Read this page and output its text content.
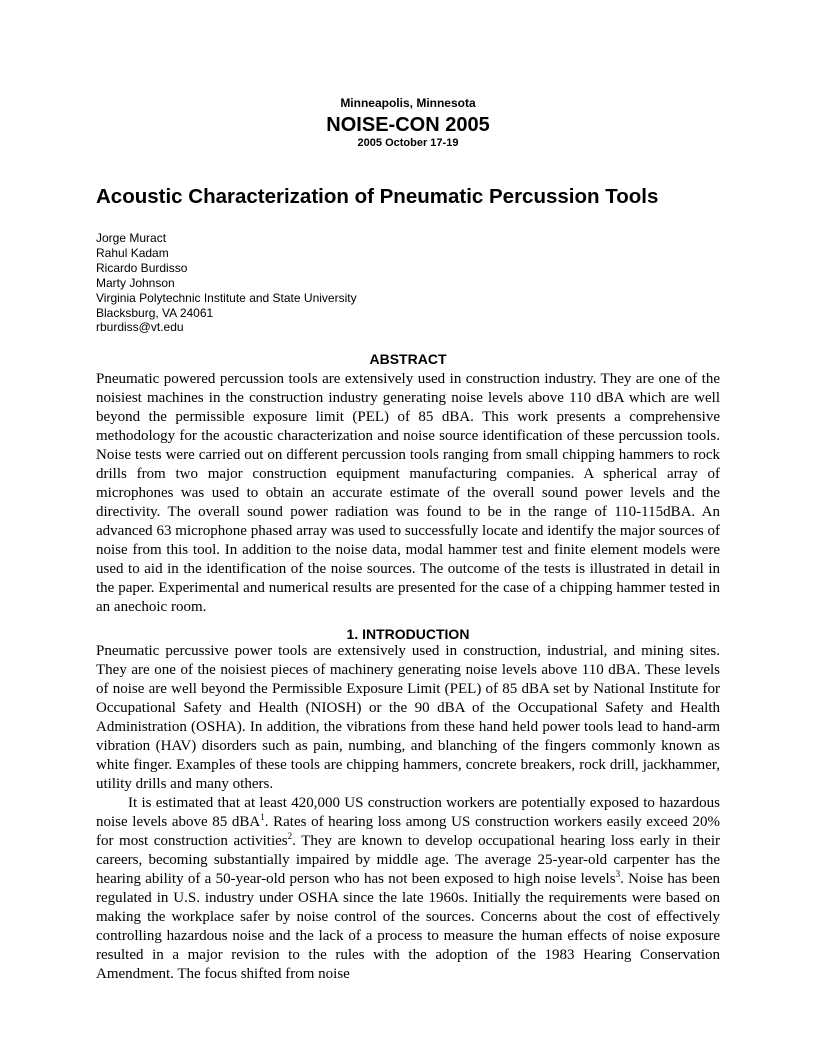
Minneapolis, Minnesota
NOISE-CON 2005
2005 October 17-19
Acoustic Characterization of Pneumatic Percussion Tools
Jorge Muract
Rahul Kadam
Ricardo Burdisso
Marty Johnson
Virginia Polytechnic Institute and State University
Blacksburg, VA 24061
rburdiss@vt.edu
ABSTRACT

Pneumatic powered percussion tools are extensively used in construction industry. They are one of the noisiest machines in the construction industry generating noise levels above 110 dBA which are well beyond the permissible exposure limit (PEL) of 85 dBA. This work presents a comprehensive methodology for the acoustic characterization and noise source identification of these percussion tools. Noise tests were carried out on different percussion tools ranging from small chipping hammers to rock drills from two major construction equipment manufacturing companies. A spherical array of microphones was used to obtain an accurate estimate of the overall sound power levels and the directivity. The overall sound power radiation was found to be in the range of 110-115dBA. An advanced 63 microphone phased array was used to successfully locate and identify the major sources of noise from this tool. In addition to the noise data, modal hammer test and finite element models were used to aid in the identification of the noise sources. The outcome of the tests is illustrated in detail in the paper. Experimental and numerical results are presented for the case of a chipping hammer tested in an anechoic room.

1. INTRODUCTION

Pneumatic percussive power tools are extensively used in construction, industrial, and mining sites. They are one of the noisiest pieces of machinery generating noise levels above 110 dBA. These levels of noise are well beyond the Permissible Exposure Limit (PEL) of 85 dBA set by National Institute for Occupational Safety and Health (NIOSH) or the 90 dBA of the Occupational Safety and Health Administration (OSHA). In addition, the vibrations from these hand held power tools lead to hand-arm vibration (HAV) disorders such as pain, numbing, and blanching of the fingers commonly known as white finger. Examples of these tools are chipping hammers, concrete breakers, rock drill, jackhammer, utility drills and many others.

It is estimated that at least 420,000 US construction workers are potentially exposed to hazardous noise levels above 85 dBA$^1$. Rates of hearing loss among US construction workers easily exceed 20% for most construction activities$^2$. They are known to develop occupational hearing loss early in their careers, becoming substantially impaired by middle age. The average 25-year-old carpenter has the hearing ability of a 50-year-old person who has not been exposed to high noise levels$^3$. Noise has been regulated in U.S. industry under OSHA since the late 1960s. Initially the requirements were based on making the workplace safer by noise control of the sources. Concerns about the cost of effectively controlling hazardous noise and the lack of a process to measure the human effects of noise exposure resulted in a major revision to the rules with the adoption of the 1983 Hearing Conservation Amendment. The focus shifted from noise
